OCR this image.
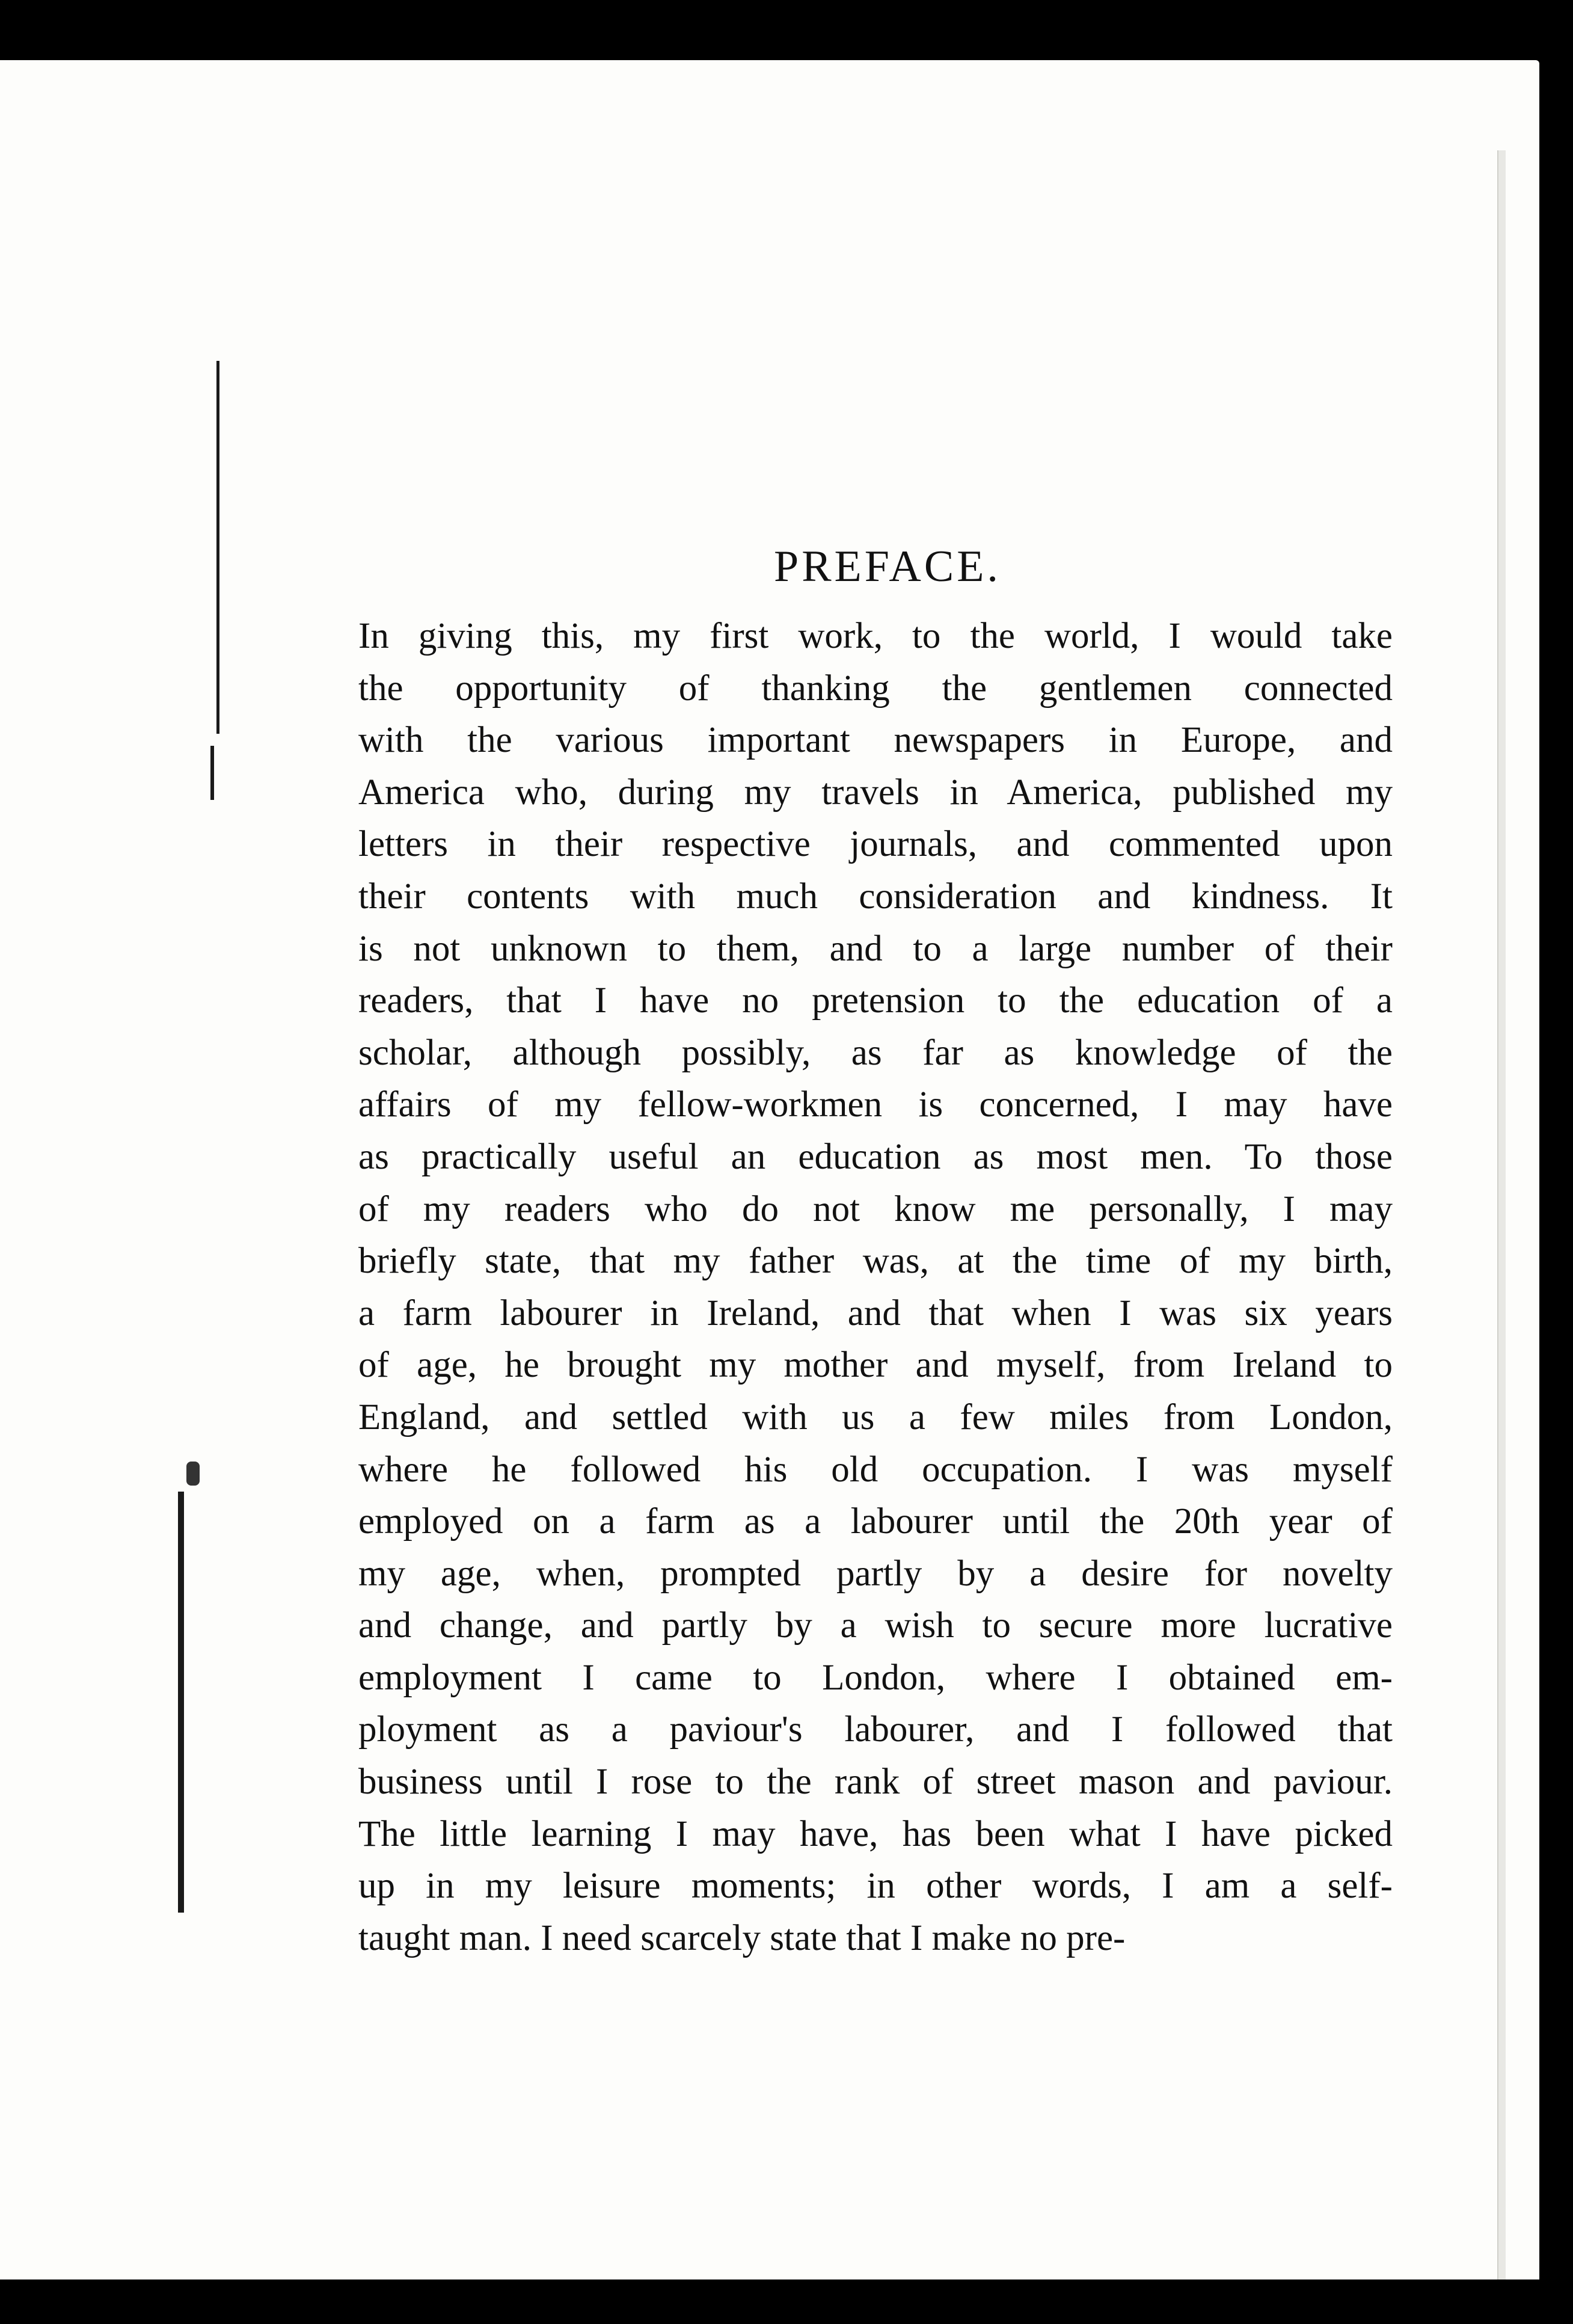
PREFACE.
In giving this, my first work, to the world, I would take
the opportunity of thanking the gentlemen connected
with the various important newspapers in Europe, and
America who, during my travels in America, published my
letters in their respective journals, and commented upon
their contents with much consideration and kindness. It
is not unknown to them, and to a large number of their
readers, that I have no pretension to the education of a
scholar, although possibly, as far as knowledge of the
affairs of my fellow-workmen is concerned, I may have
as practically useful an education as most men. To those
of my readers who do not know me personally, I may
briefly state, that my father was, at the time of my birth,
a farm labourer in Ireland, and that when I was six years
of age, he brought my mother and myself, from Ireland to
England, and settled with us a few miles from London,
where he followed his old occupation. I was myself
employed on a farm as a labourer until the 20th year of
my age, when, prompted partly by a desire for novelty
and change, and partly by a wish to secure more lucrative
employment I came to London, where I obtained em-
ployment as a paviour's labourer, and I followed that
business until I rose to the rank of street mason and paviour.
The little learning I may have, has been what I have picked
up in my leisure moments; in other words, I am a self-
taught man. I need scarcely state that I make no pre-
